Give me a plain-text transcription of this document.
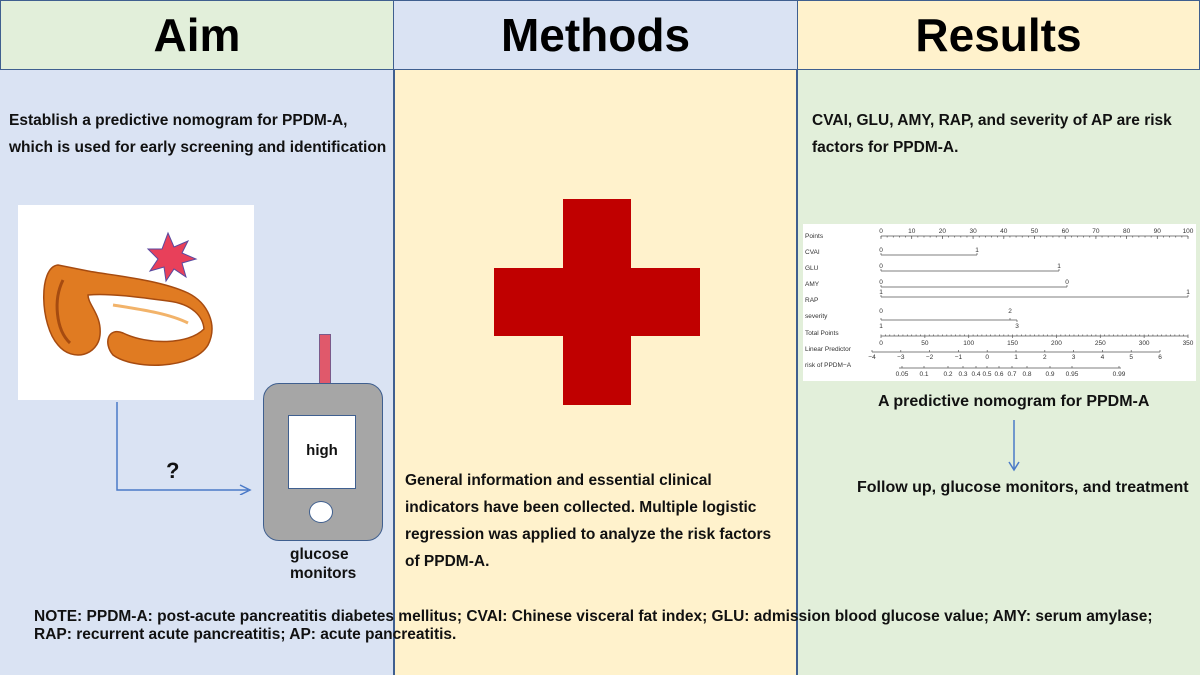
Aim	Methods	Results
Establish a predictive nomogram for PPDM-A, which is used for early screening and identification
?
high
glucose monitors
General information and essential clinical indicators have been collected. Multiple logistic regression was applied to analyze the risk factors of PPDM-A.
CVAI, GLU, AMY, RAP, and severity of AP are risk factors for PPDM-A.
Points
CVAI
GLU
AMY
RAP
severity
Total Points
Linear Predictor
risk of PPDM−A
0	10	20	30	40	50	60	70	80	90	100
0	1
0	1
0	0
1	1
0	2
1	3
0	50	100	150	200	250	300	350
−4	−3	−2	−1	0	1	2	3	4	5	6
0.05 0.1 0.2 0.3 0.4 0.5 0.6 0.7 0.8 0.9 0.95	0.99
A predictive nomogram for PPDM-A
Follow up, glucose monitors, and treatment
NOTE: PPDM-A: post-acute pancreatitis diabetes mellitus; CVAI: Chinese visceral fat index; GLU: admission blood glucose value; AMY: serum amylase; RAP: recurrent acute pancreatitis; AP: acute pancreatitis.
